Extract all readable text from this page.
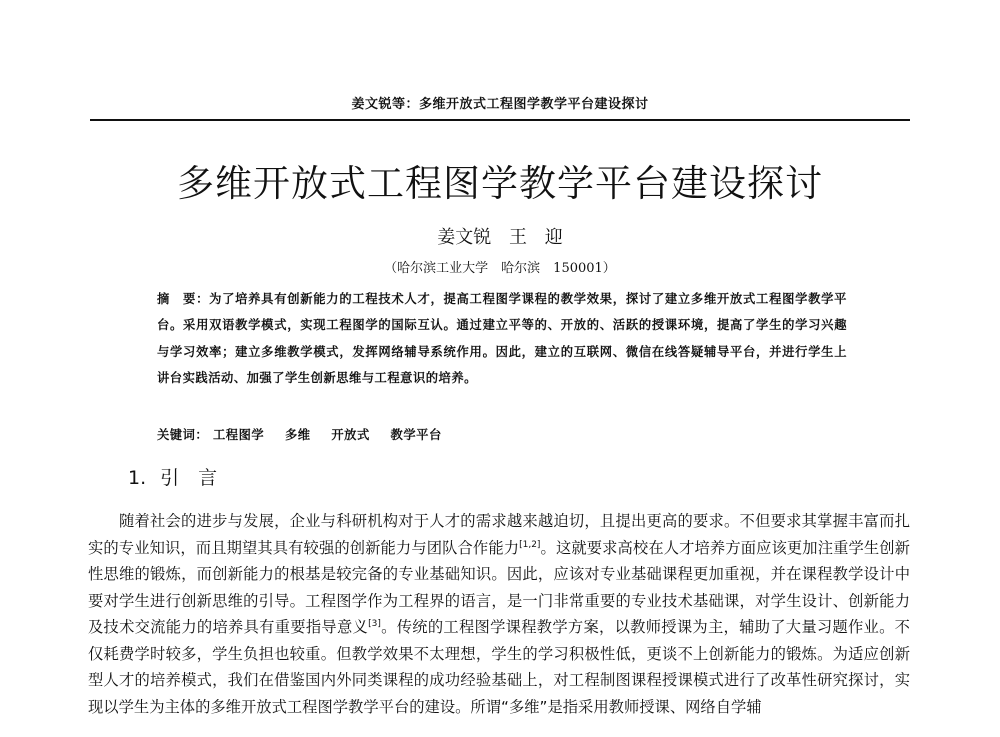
姜文锐等：多维开放式工程图学教学平台建设探讨
多维开放式工程图学教学平台建设探讨
姜文锐 王 迎
（哈尔滨工业大学　哈尔滨　150001）
摘　要：为了培养具有创新能力的工程技术人才，提高工程图学课程的教学效果，探讨了建立多维开放式工程图学教学平台。采用双语教学模式，实现工程图学的国际互认。通过建立平等的、开放的、活跃的授课环境，提高了学生的学习兴趣与学习效率；建立多维教学模式，发挥网络辅导系统作用。因此，建立的互联网、微信在线答疑辅导平台，并进行学生上讲台实践活动、加强了学生创新思维与工程意识的培养。
关键词： 工程图学 多维 开放式 教学平台
1. 引　言
随着社会的进步与发展，企业与科研机构对于人才的需求越来越迫切，且提出更高的要求。不但要求其掌握丰富而扎实的专业知识，而且期望其具有较强的创新能力与团队合作能力[1,2]。这就要求高校在人才培养方面应该更加注重学生创新性思维的锻炼，而创新能力的根基是较完备的专业基础知识。因此，应该对专业基础课程更加重视，并在课程教学设计中要对学生进行创新思维的引导。工程图学作为工程界的语言，是一门非常重要的专业技术基础课，对学生设计、创新能力及技术交流能力的培养具有重要指导意义[3]。传统的工程图学课程教学方案，以教师授课为主，辅助了大量习题作业。不仅耗费学时较多，学生负担也较重。但教学效果不太理想，学生的学习积极性低，更谈不上创新能力的锻炼。为适应创新型人才的培养模式，我们在借鉴国内外同类课程的成功经验基础上，对工程制图课程授课模式进行了改革性研究探讨，实现以学生为主体的多维开放式工程图学教学平台的建设。所谓“多维”是指采用教师授课、网络自学辅
